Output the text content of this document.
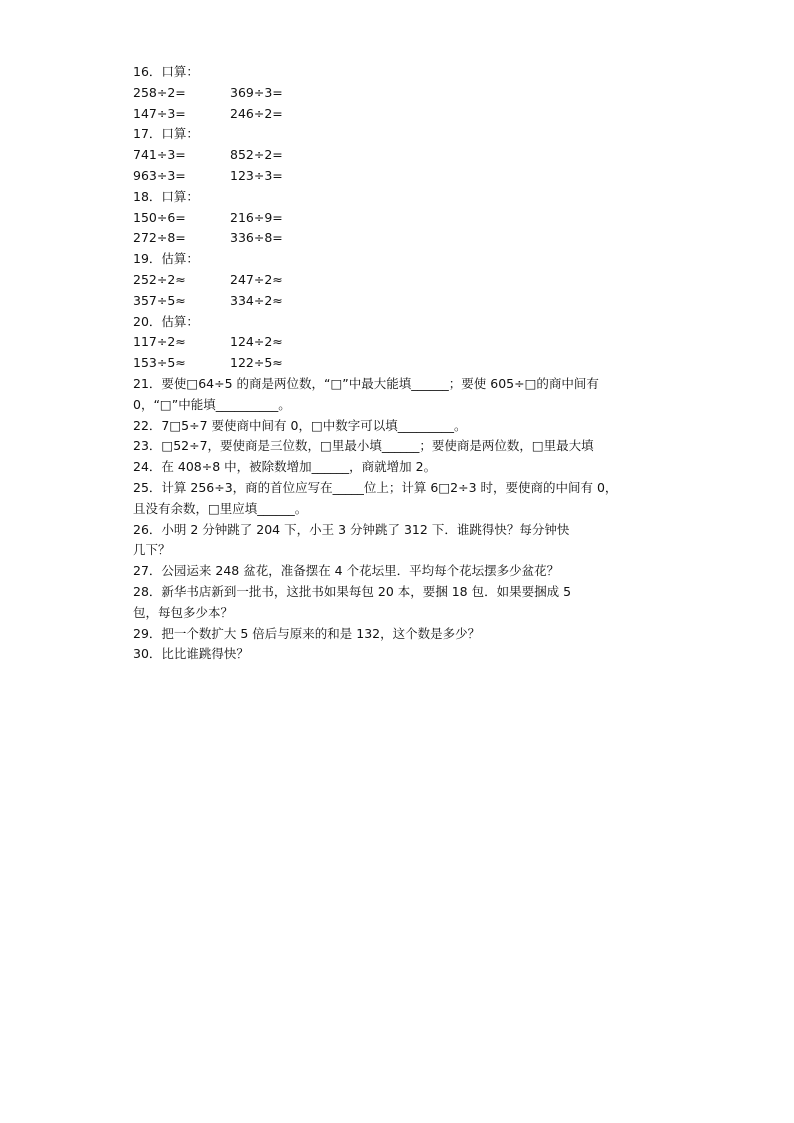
16．口算：
258÷2=	369÷3=
147÷3=	246÷2=
17．口算：
741÷3=	852÷2=
963÷3=	123÷3=
18．口算：
150÷6=	216÷9=
272÷8=	336÷8=
19．估算：
252÷2≈	247÷2≈
357÷5≈	334÷2≈
20．估算：
117÷2≈	124÷2≈
153÷5≈	122÷5≈
21．要使□64÷5 的商是两位数，“□”中最大能填______；要使 605÷□的商中间有
0，“□”中能填__________。
22．7□5÷7 要使商中间有 0，□中数字可以填_________。
23．□52÷7，要使商是三位数，□里最小填______；要使商是两位数，□里最大填
24．在 408÷8 中，被除数增加______，商就增加 2。
25．计算 256÷3，商的首位应写在_____位上；计算 6□2÷3 时，要使商的中间有 0，
且没有余数，□里应填______。
26．小明 2 分钟跳了 204 下，小王 3 分钟跳了 312 下．谁跳得快？每分钟快
几下？
27．公园运来 248 盆花，准备摆在 4 个花坛里．平均每个花坛摆多少盆花？
28．新华书店新到一批书，这批书如果每包 20 本，要捆 18 包．如果要捆成 5
包，每包多少本？
29．把一个数扩大 5 倍后与原来的和是 132，这个数是多少？
30．比比谁跳得快？
